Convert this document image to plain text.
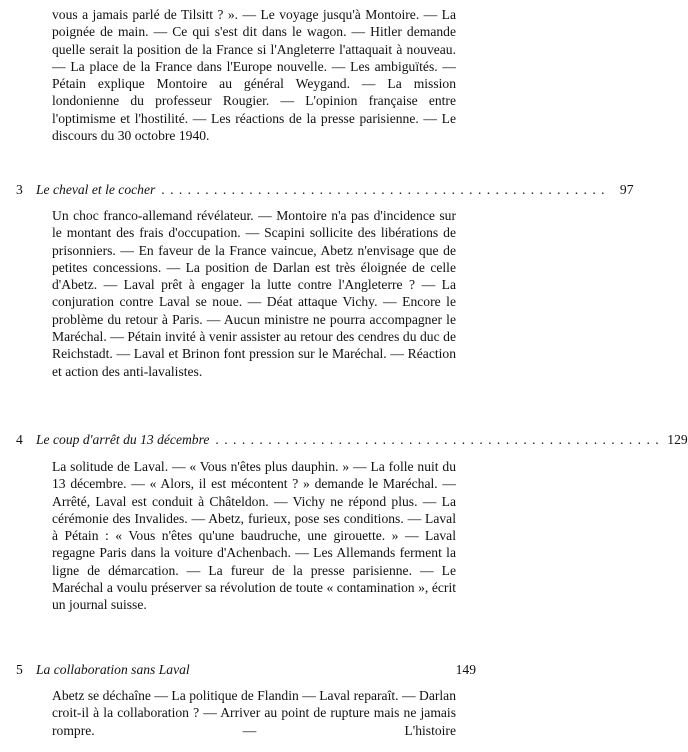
vous a jamais parlé de Tilsitt ? ». — Le voyage jusqu'à Montoire. — La poignée de main. — Ce qui s'est dit dans le wagon. — Hitler demande quelle serait la position de la France si l'Angleterre l'attaquait à nouveau. — La place de la France dans l'Europe nouvelle. — Les ambiguïtés. — Pétain explique Montoire au général Weygand. — La mission londonienne du professeur Rougier. — L'opinion française entre l'optimisme et l'hostilité. — Les réactions de la presse parisienne. — Le discours du 30 octobre 1940.

3 Le cheval et le cocher . . . . . . . . . . . . . . . . . . . . . . . . . . . . . . . . . . . . . . . . . . . . . . . . . . .	97

Un choc franco-allemand révélateur. — Montoire n'a pas d'incidence sur le montant des frais d'occupation. — Scapini sollicite des libérations de prisonniers. — En faveur de la France vaincue, Abetz n'envisage que de petites concessions. — La position de Darlan est très éloignée de celle d'Abetz. — Laval prêt à engager la lutte contre l'Angleterre ? — La conjuration contre Laval se noue. — Déat attaque Vichy. — Encore le problème du retour à Paris. — Aucun ministre ne pourra accompagner le Maréchal. — Pétain invité à venir assister au retour des cendres du duc de Reichstadt. — Laval et Brinon font pression sur le Maréchal. — Réaction et action des anti-lavalistes.

4 Le coup d'arrêt du 13 décembre . . . . . . . . . . . . . . . . . . . . . . . . . . . . . . . . . . . . . . . . . . . . . . . . . . . 129

La solitude de Laval. — « Vous n'êtes plus dauphin. » — La folle nuit du 13 décembre. — « Alors, il est mécontent ? » demande le Maréchal. — Arrêté, Laval est conduit à Châteldon. — Vichy ne répond plus. — La cérémonie des Invalides. — Abetz, furieux, pose ses conditions. — Laval à Pétain : « Vous n'êtes qu'une baudruche, une girouette. » — Laval regagne Paris dans la voiture d'Achenbach. — Les Allemands ferment la ligne de démarcation. — La fureur de la presse parisienne. — Le Maréchal a voulu préserver sa révolution de toute « contamination », écrit un journal suisse.

5 La collaboration sans Laval	149

Abetz se déchaîne — La politique de Flandin — Laval reparaît. — Darlan croit-il à la collaboration ? — Arriver au point de rupture mais ne jamais rompre. — L'histoire
